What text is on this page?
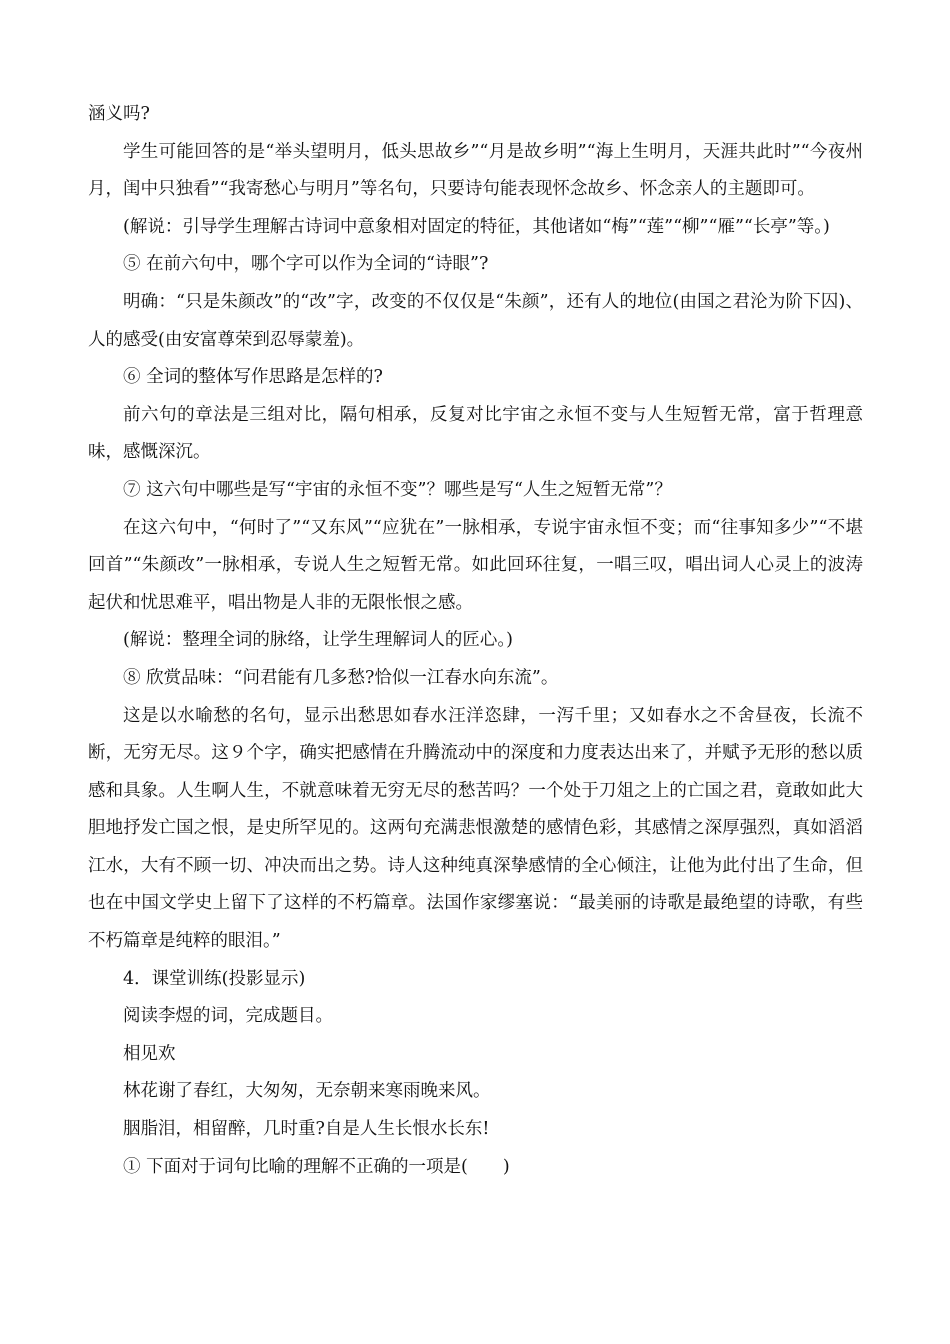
涵义吗?

学生可能回答的是“举头望明月，低头思故乡”“月是故乡明”“海上生明月，天涯共此时”“今夜州月，闺中只独看”“我寄愁心与明月”等名句，只要诗句能表现怀念故乡、怀念亲人的主题即可。

(解说：引导学生理解古诗词中意象相对固定的特征，其他诸如“梅”“莲”“柳”“雁”“长亭”等。)

⑤ 在前六句中，哪个字可以作为全词的“诗眼”?

明确：“只是朱颜改”的“改”字，改变的不仅仅是“朱颜”，还有人的地位(由国之君沦为阶下囚)、人的感受(由安富尊荣到忍辱蒙羞)。

⑥ 全词的整体写作思路是怎样的?

前六句的章法是三组对比，隔句相承，反复对比宇宙之永恒不变与人生短暂无常，富于哲理意味，感慨深沉。

⑦ 这六句中哪些是写“宇宙的永恒不变”？哪些是写“人生之短暂无常”？

在这六句中，“何时了”“又东风”“应犹在”一脉相承，专说宇宙永恒不变；而“往事知多少”“不堪回首”“朱颜改”一脉相承，专说人生之短暂无常。如此回环往复，一唱三叹，唱出词人心灵上的波涛起伏和忧思难平，唱出物是人非的无限怅恨之感。

(解说：整理全词的脉络，让学生理解词人的匠心。)

⑧ 欣赏品味：“问君能有几多愁?恰似一江春水向东流”。

这是以水喻愁的名句，显示出愁思如春水汪洋恣肆，一泻千里；又如春水之不舍昼夜，长流不断，无穷无尽。这９个字，确实把感情在升腾流动中的深度和力度表达出来了，并赋予无形的愁以质感和具象。人生啊人生，不就意味着无穷无尽的愁苦吗？一个处于刀俎之上的亡国之君，竟敢如此大胆地抒发亡国之恨，是史所罕见的。这两句充满悲恨激楚的感情色彩，其感情之深厚强烈，真如滔滔江水，大有不顾一切、冲决而出之势。诗人这种纯真深挚感情的全心倾注，让他为此付出了生命，但也在中国文学史上留下了这样的不朽篇章。法国作家缪塞说：“最美丽的诗歌是最绝望的诗歌，有些不朽篇章是纯粹的眼泪。”

4．课堂训练(投影显示)

阅读李煜的词，完成题目。

相见欢

林花谢了春红，大匆匆，无奈朝来寒雨晚来风。

胭脂泪，相留醉，几时重?自是人生长恨水长东!

① 下面对于词句比喻的理解不正确的一项是(　　)
